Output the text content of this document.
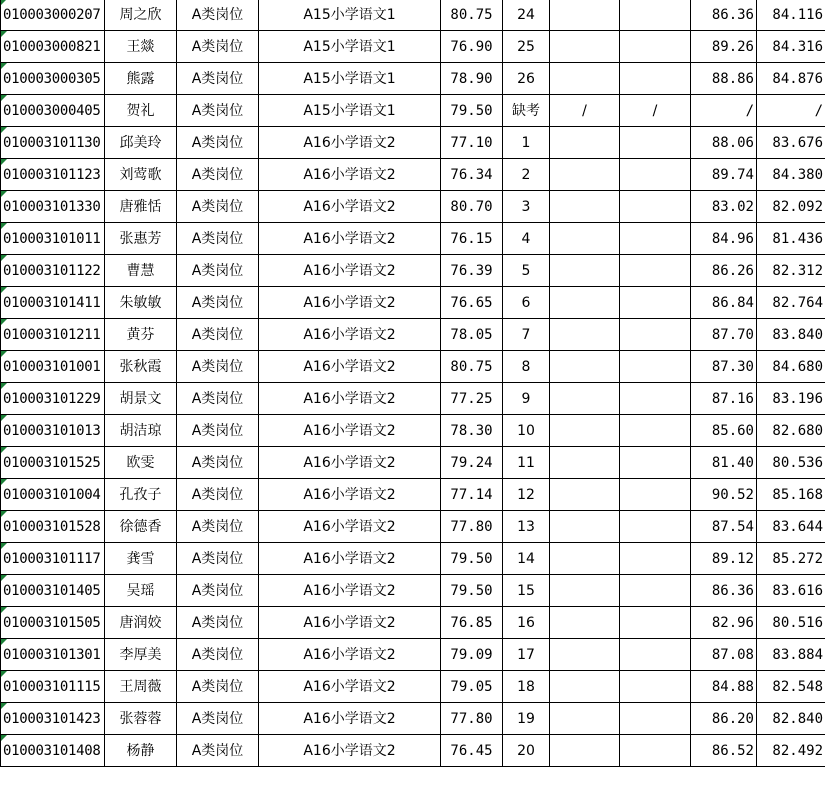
010003000207	周之欣	A类岗位	A15小学语文1	80.75	24			86.36	84.116

010003000821	王燚	A类岗位	A15小学语文1	76.90	25			89.26	84.316

010003000305	熊露	A类岗位	A15小学语文1	78.90	26			88.86	84.876

010003000405	贺礼	A类岗位	A15小学语文1	79.50	缺考	/	/	/	/

010003101130	邱美玲	A类岗位	A16小学语文2	77.10	1			88.06	83.676

010003101123	刘莺歌	A类岗位	A16小学语文2	76.34	2			89.74	84.380

010003101330	唐雅恬	A类岗位	A16小学语文2	80.70	3			83.02	82.092

010003101011	张惠芳	A类岗位	A16小学语文2	76.15	4			84.96	81.436

010003101122	曹慧	A类岗位	A16小学语文2	76.39	5			86.26	82.312

010003101411	朱敏敏	A类岗位	A16小学语文2	76.65	6			86.84	82.764

010003101211	黄芬	A类岗位	A16小学语文2	78.05	7			87.70	83.840

010003101001	张秋霞	A类岗位	A16小学语文2	80.75	8			87.30	84.680

010003101229	胡景文	A类岗位	A16小学语文2	77.25	9			87.16	83.196

010003101013	胡洁琼	A类岗位	A16小学语文2	78.30	10			85.60	82.680

010003101525	欧雯	A类岗位	A16小学语文2	79.24	11			81.40	80.536

010003101004	孔孜子	A类岗位	A16小学语文2	77.14	12			90.52	85.168

010003101528	徐德香	A类岗位	A16小学语文2	77.80	13			87.54	83.644

010003101117	龚雪	A类岗位	A16小学语文2	79.50	14			89.12	85.272

010003101405	吴瑶	A类岗位	A16小学语文2	79.50	15			86.36	83.616

010003101505	唐润姣	A类岗位	A16小学语文2	76.85	16			82.96	80.516

010003101301	李厚美	A类岗位	A16小学语文2	79.09	17			87.08	83.884

010003101115	王周薇	A类岗位	A16小学语文2	79.05	18			84.88	82.548

010003101423	张蓉蓉	A类岗位	A16小学语文2	77.80	19			86.20	82.840

010003101408	杨静	A类岗位	A16小学语文2	76.45	20			86.52	82.492
